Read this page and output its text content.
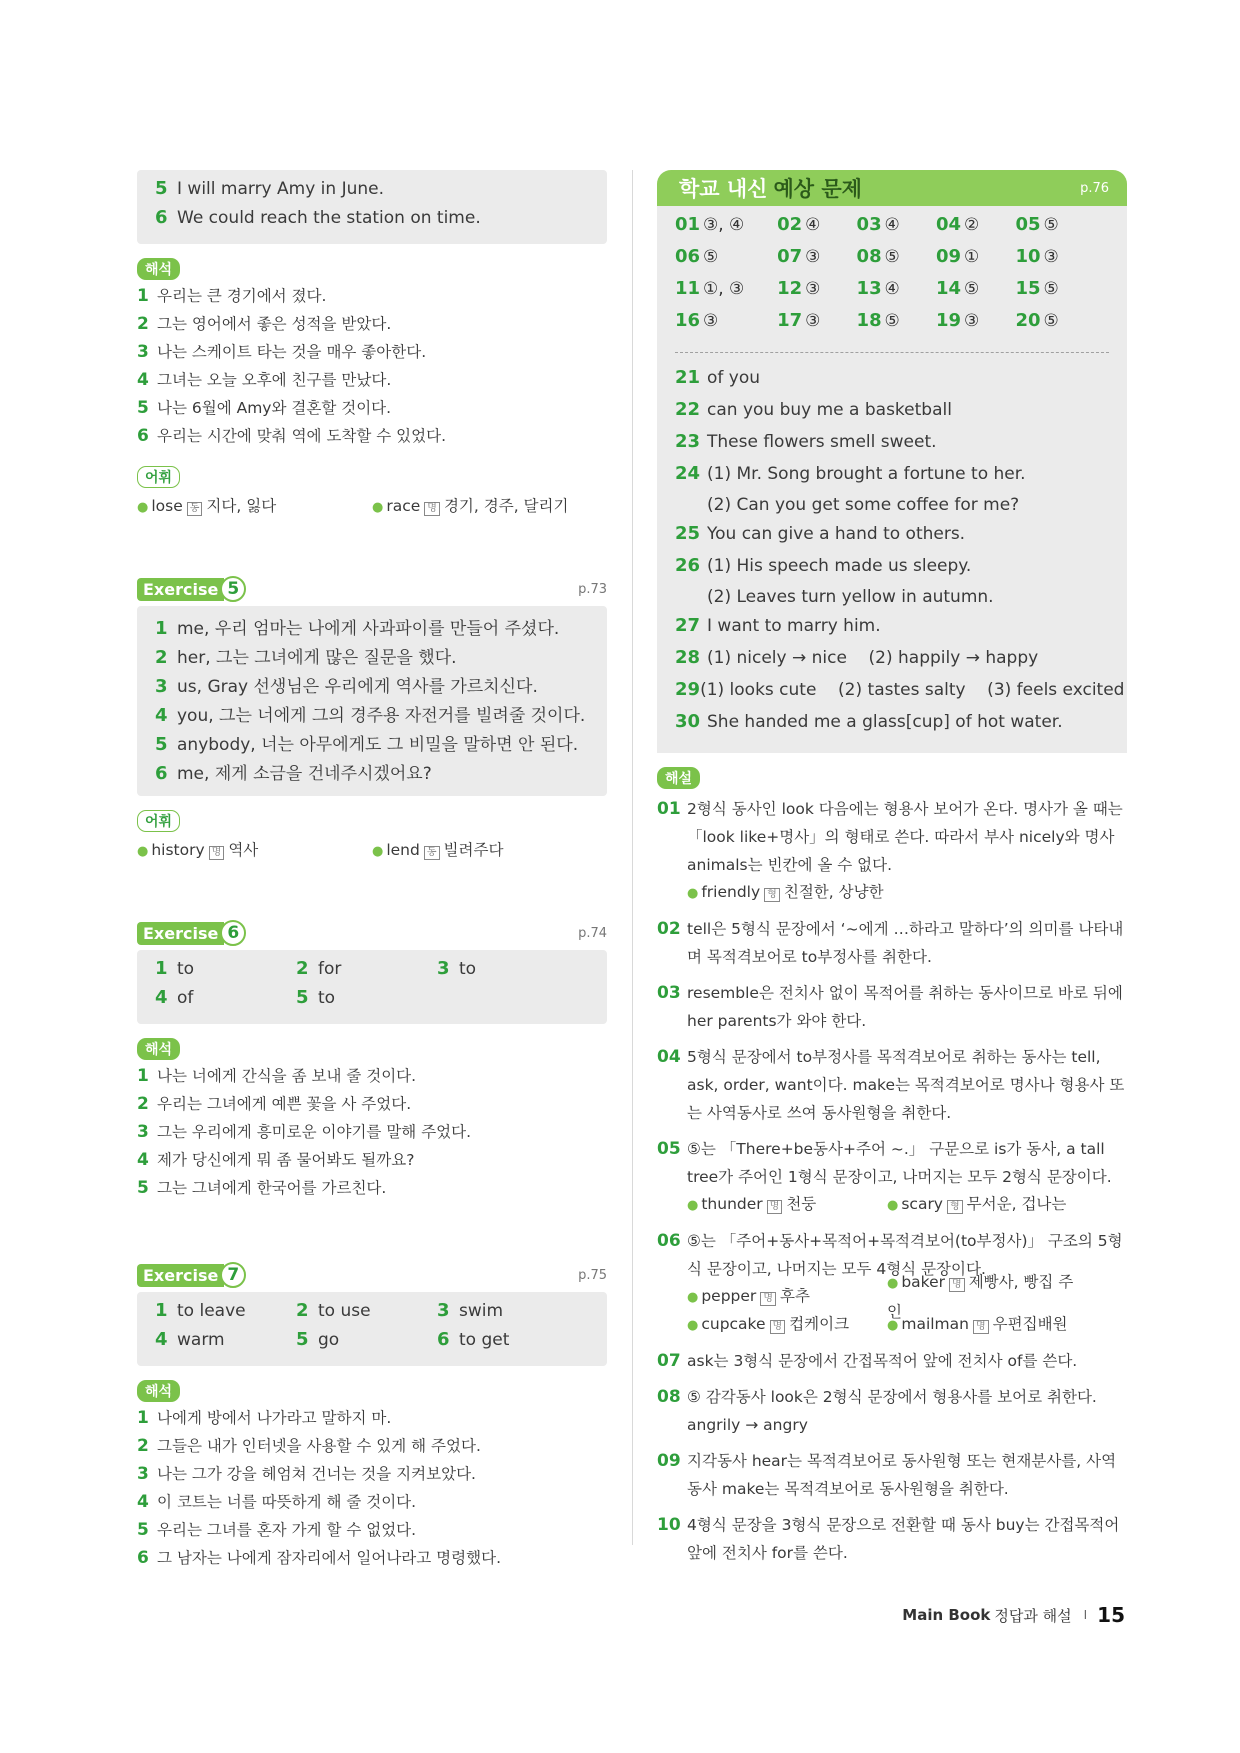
5 I will marry Amy in June.
6 We could reach the station on time.
해석
1 우리는 큰 경기에서 졌다.
2 그는 영어에서 좋은 성적을 받았다.
3 나는 스케이트 타는 것을 매우 좋아한다.
4 그녀는 오늘 오후에 친구를 만났다.
5 나는 6월에 Amy와 결혼할 것이다.
6 우리는 시간에 맞춰 역에 도착할 수 있었다.
어휘
● lose 동 지다, 잃다	● race 명 경기, 경주, 달리기
Exercise 5	p.73
1 me, 우리 엄마는 나에게 사과파이를 만들어 주셨다.
2 her, 그는 그녀에게 많은 질문을 했다.
3 us, Gray 선생님은 우리에게 역사를 가르치신다.
4 you, 그는 너에게 그의 경주용 자전거를 빌려줄 것이다.
5 anybody, 너는 아무에게도 그 비밀을 말하면 안 된다.
6 me, 제게 소금을 건네주시겠어요?
어휘
● history 명 역사	● lend 동 빌려주다
Exercise 6	p.74
1 to	2 for	3 to
4 of	5 to
해석
1 나는 너에게 간식을 좀 보내 줄 것이다.
2 우리는 그녀에게 예쁜 꽃을 사 주었다.
3 그는 우리에게 흥미로운 이야기를 말해 주었다.
4 제가 당신에게 뭐 좀 물어봐도 될까요?
5 그는 그녀에게 한국어를 가르친다.
Exercise 7	p.75
1 to leave	2 to use	3 swim
4 warm	5 go	6 to get
해석
1 나에게 방에서 나가라고 말하지 마.
2 그들은 내가 인터넷을 사용할 수 있게 해 주었다.
3 나는 그가 강을 헤엄쳐 건너는 것을 지켜보았다.
4 이 코트는 너를 따뜻하게 해 줄 것이다.
5 우리는 그녀를 혼자 가게 할 수 없었다.
6 그 남자는 나에게 잠자리에서 일어나라고 명령했다.
학교 내신 예상 문제	p.76
01 ③, ④	02 ④	03 ④	04 ②	05 ⑤
06 ⑤	07 ③	08 ⑤	09 ①	10 ③
11 ①, ③	12 ③	13 ④	14 ⑤	15 ⑤
16 ③	17 ③	18 ⑤	19 ③	20 ⑤
21 of you
22 can you buy me a basketball
23 These flowers smell sweet.
24 (1) Mr. Song brought a fortune to her.
(2) Can you get some coffee for me?
25 You can give a hand to others.
26 (1) His speech made us sleepy.
(2) Leaves turn yellow in autumn.
27 I want to marry him.
28 (1) nicely → nice    (2) happily → happy
29 (1) looks cute    (2) tastes salty    (3) feels excited
30 She handed me a glass[cup] of hot water.
해설
01 2형식 동사인 look 다음에는 형용사 보어가 온다. 명사가 올 때는 「look like+명사」의 형태로 쓴다. 따라서 부사 nicely와 명사 animals는 빈칸에 올 수 없다.
● friendly 형 친절한, 상냥한
02 tell은 5형식 문장에서 ‘~에게 …하라고 말하다’의 의미를 나타내며 목적격보어로 to부정사를 취한다.
03 resemble은 전치사 없이 목적어를 취하는 동사이므로 바로 뒤에 her parents가 와야 한다.
04 5형식 문장에서 to부정사를 목적격보어로 취하는 동사는 tell, ask, order, want이다. make는 목적격보어로 명사나 형용사 또는 사역동사로 쓰여 동사원형을 취한다.
05 ⑤는 「There+be동사+주어 ~.」 구문으로 is가 동사, a tall tree가 주어인 1형식 문장이고, 나머지는 모두 2형식 문장이다.
● thunder 명 천둥	● scary 형 무서운, 겁나는
06 ⑤는 「주어+동사+목적어+목적격보어(to부정사)」 구조의 5형식 문장이고, 나머지는 모두 4형식 문장이다.
● pepper 명 후추
● baker 명 제빵사, 빵집 주인
● cupcake 명 컵케이크	● mailman 명 우편집배원
07 ask는 3형식 문장에서 간접목적어 앞에 전치사 of를 쓴다.
08 ⑤ 감각동사 look은 2형식 문장에서 형용사를 보어로 취한다. angrily → angry
09 지각동사 hear는 목적격보어로 동사원형 또는 현재분사를, 사역동사 make는 목적격보어로 동사원형을 취한다.
10 4형식 문장을 3형식 문장으로 전환할 때 동사 buy는 간접목적어 앞에 전치사 for를 쓴다.
Main Book 정답과 해설 I 15
